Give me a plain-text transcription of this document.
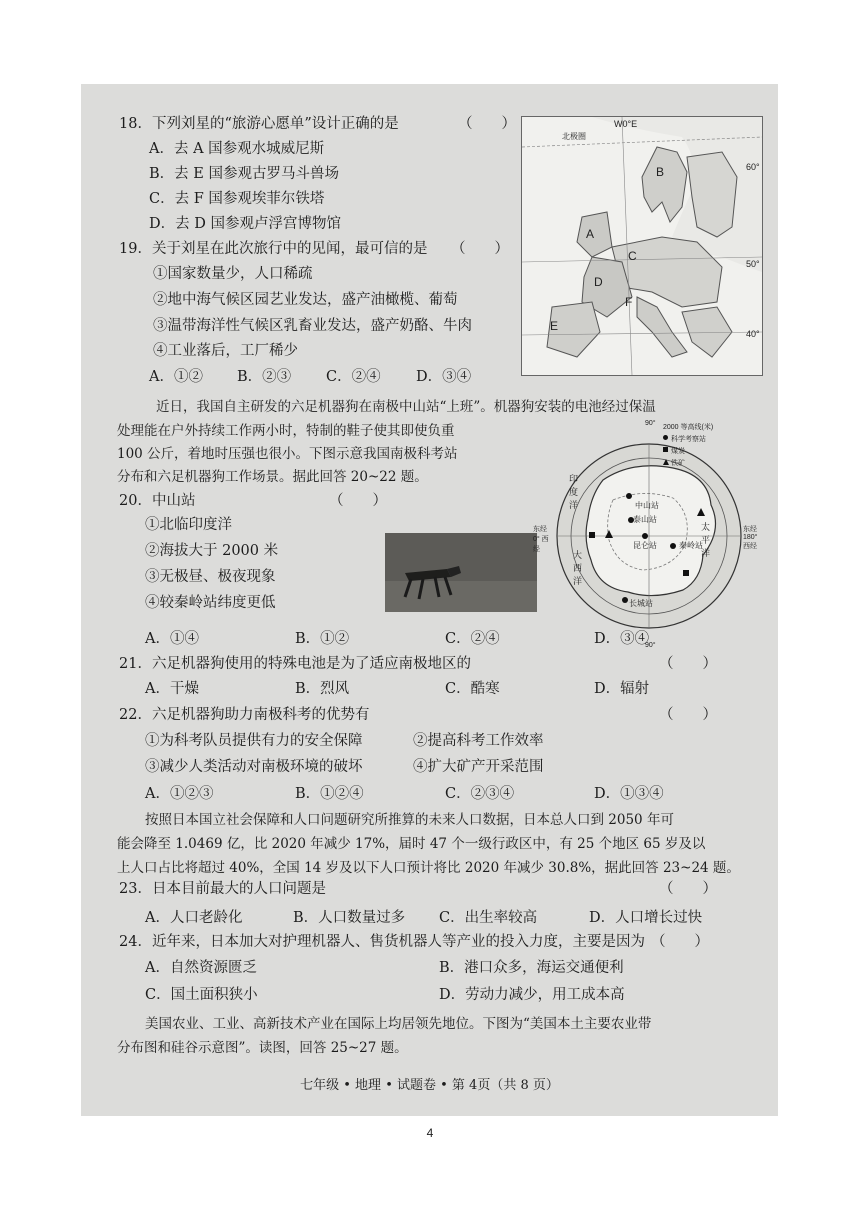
18．下列刘星的“旅游心愿单”设计正确的是	（　　）
A．去 A 国参观水城威尼斯
B．去 E 国参观古罗马斗兽场
C．去 F 国参观埃菲尔铁塔
D．去 D 国参观卢浮宫博物馆
19．关于刘星在此次旅行中的见闻，最可信的是 （　　）
①国家数量少，人口稀疏
②地中海气候区园艺业发达，盛产油橄榄、葡萄
③温带海洋性气候区乳畜业发达，盛产奶酪、牛肉
④工业落后，工厂稀少
A．①② B．②③ C．②④ D．③④
W0°E
60°
50°
40°
北极圈
A
B
C
D
E
F
近日，我国自主研发的六足机器狗在南极中山站“上班”。机器狗安装的电池经过保温
处理能在户外持续工作两小时，特制的鞋子使其即使负重
100 公斤，着地时压强也很小。下图示意我国南极科考站
分布和六足机器狗工作场景。据此回答 20~22 题。
20．中山站	（　　）
①北临印度洋
②海拔大于 2000 米
③无极昼、极夜现象
④较秦岭站纬度更低
90°
东经 0° 西经
东经 180° 西经
90°
中山站
泰山站
昆仑站	秦岭站
长城站
印度洋
大西洋
太平洋
2000 等高线(米)
科学考察站
煤炭
铁矿
A．①④	B．①②	C．②④	D．③④
21．六足机器狗使用的特殊电池是为了适应南极地区的	（　　）
A．干燥	B．烈风	C．酷寒	D．辐射
22．六足机器狗助力南极科考的优势有	（　　）
①为科考队员提供有力的安全保障	②提高科考工作效率
③减少人类活动对南极环境的破坏	④扩大矿产开采范围
A．①②③	B．①②④	C．②③④	D．①③④
按照日本国立社会保障和人口问题研究所推算的未来人口数据，日本总人口到 2050 年可
能会降至 1.0469 亿，比 2020 年减少 17%，届时 47 个一级行政区中，有 25 个地区 65 岁及以
上人口占比将超过 40%，全国 14 岁及以下人口预计将比 2020 年减少 30.8%，据此回答 23~24 题。
23．日本目前最大的人口问题是	（　　）
A．人口老龄化	B．人口数量过多 C．出生率较高	D．人口增长过快
24．近年来，日本加大对护理机器人、售货机器人等产业的投入力度，主要是因为 （　　）
A．自然资源匮乏	B．港口众多，海运交通便利
C．国土面积狭小	D．劳动力减少，用工成本高
美国农业、工业、高新技术产业在国际上均居领先地位。下图为“美国本土主要农业带
分布图和硅谷示意图”。读图，回答 25~27 题。
七年级 • 地理 • 试题卷 • 第 4页（共 8 页）
4
